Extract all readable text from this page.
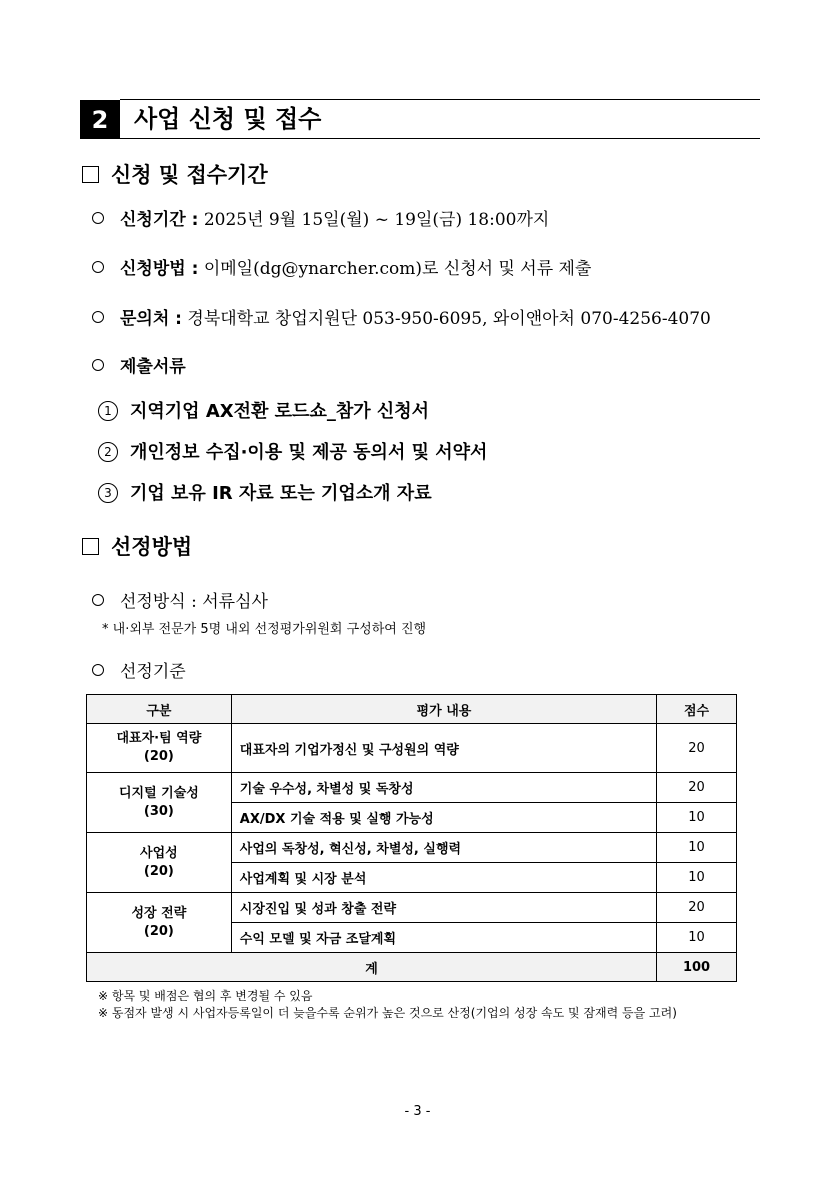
2	사업 신청 및 접수
신청 및 접수기간
신청기간 : 2025년 9월 15일(월) ~ 19일(금) 18:00까지
신청방법 : 이메일(dg@ynarcher.com)로 신청서 및 서류 제출
문의처 : 경북대학교 창업지원단 053-950-6095, 와이앤아처 070-4256-4070
제출서류
1 지역기업 AX전환 로드쇼_참가 신청서
2 개인정보 수집·이용 및 제공 동의서 및 서약서
3 기업 보유 IR 자료 또는 기업소개 자료
선정방법
선정방식 : 서류심사
* 내·외부 전문가 5명 내외 선정평가위원회 구성하여 진행
선정기준
구분	평가 내용	점수
대표자·팀 역량
(20)	대표자의 기업가정신 및 구성원의 역량	20
디지털 기술성
(30)	기술 우수성, 차별성 및 독창성	20
	AX/DX 기술 적용 및 실행 가능성	10
사업성
(20)	사업의 독창성, 혁신성, 차별성, 실행력	10
	사업계획 및 시장 분석	10
성장 전략
(20)	시장진입 및 성과 창출 전략	20
	수익 모델 및 자금 조달계획	10
계		100
※ 항목 및 배점은 협의 후 변경될 수 있음
※ 동점자 발생 시 사업자등록일이 더 늦을수록 순위가 높은 것으로 산정(기업의 성장 속도 및 잠재력 등을 고려)
- 3 -
